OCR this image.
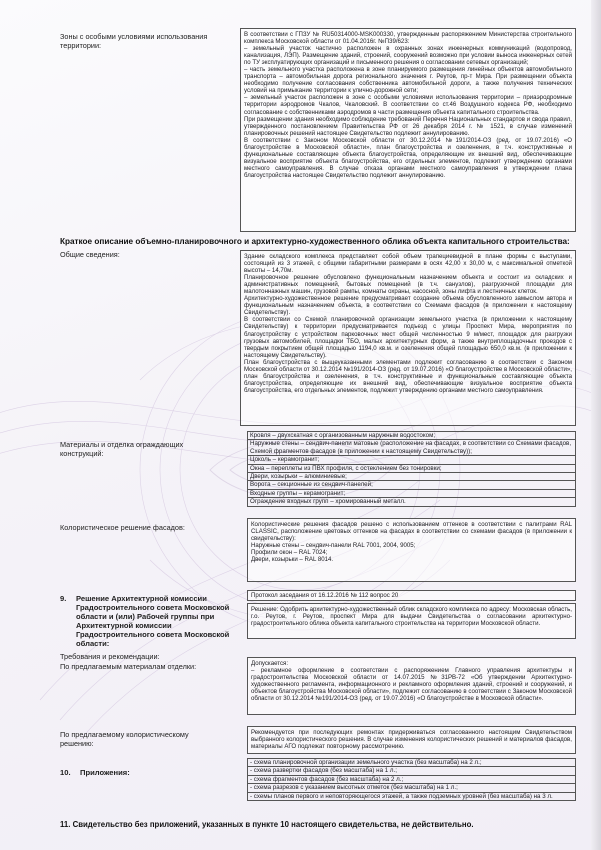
Зоны с особыми условиями использования территории:

В соответствии с ГПЗУ № RU50314000-MSK000330, утвержденным распоряжением Министерства строительного комплекса Московской области от 01.04.2016г. №П39/623:

– земельный участок частично расположен в охранных зонах инженерных коммуникаций (водопровод, канализация, ЛЭП). Размещение зданий, строений, сооружений возможно при условии выноса инженерных сетей по ТУ эксплуатирующих организаций и письменного решения о согласовании сетевых организаций;

– часть земельного участка расположена в зоне планируемого размещения линейных объектов автомобильного транспорта – автомобильная дорога регионального значения г. Реутов, пр-т Мира. При размещении объекта необходимо получение согласования собственника автомобильной дороги, а также получения технических условий на примыкание территории к улично-дорожной сети;

– земельный участок расположен в зоне с особыми условиями использования территории – приаэродромные территории аэродромов Чкалов, Чкаловский. В соответствии со ст.46 Воздушного кодекса РФ, необходимо согласование с собственниками аэродромов в части размещения объекта капитального строительства.

При размещении здания необходимо соблюдение требований Перечня Национальных стандартов и свода правил, утвержденного постановлением Правительства РФ от 26 декабря 2014 г. № 1521, в случае изменений планировочных решений настоящее Свидетельство подлежит аннулированию.

В соответствии с Законом Московской области от 30.12.2014 №191/2014-ОЗ (ред. от 19.07.2016) «О благоустройстве в Московской области», план благоустройства и озеленения, в т.ч. конструктивные и функциональные составляющие объекта благоустройства, определяющие их внешний вид, обеспечивающие визуальное восприятие объекта благоустройства, его отдельных элементов, подлежит утверждению органами местного самоуправления. В случае отказа органами местного самоуправления в утверждении плана благоустройства настоящее Свидетельство подлежит аннулированию.

Краткое описание объемно-планировочного и архитектурно-художественного облика объекта капитального строительства:
Общие сведения:	Здание складского комплекса представляет собой объем трапециевидной в плане формы с выступами, состоящий из 3 этажей, с общими габаритными размерами в осях 42,00 х 30,00 м, с максимальной отметкой высоты – 14,70м.

Планировочное решение обусловлено функциональным назначением объекта и состоит из складских и административных помещений, бытовых помещений (в т.ч. санузлов), разгрузочной площадки для малотоннажных машин, грузовой рампы, комнаты охраны, насосной, зоны лифта и лестничных клеток.

Архитектурно-художественное решение предусматривает создание объема обусловленного замыслом автора и функциональным назначением объекта, в соответствии со Схемами фасадов (в приложении к настоящему Свидетельству).

В соответствии со Схемой планировочной организации земельного участка (в приложении к настоящему Свидетельству) к территории предусматривается подъезд с улицы Проспект Мира, мероприятия по благоустройству с устройством парковочных мест общей численностью 9 м/мест, площадок для разгрузки грузовых автомобилей, площадки ТБО, малых архитектурных форм, а также внутриплощадочных проездов с твердым покрытием общей площадью 1194,0 кв.м. и озеленения общей площадью 650,0 кв.м. (в приложении к настоящему Свидетельству).

План благоустройства с выщеуказанными элементами подлежит согласованию в соответствии с Законом Московской области от 30.12.2014 №191/2014-ОЗ (ред. от 19.07.2016) «О благоустройстве в Московской области», план благоустройства и озеленения, в т.ч. конструктивные и функциональные составляющие объекта благоустройства, определяющие их внешний вид, обеспечивающие визуальное восприятие объекта благоустройства, его отдельных элементов, подлежит утверждению органами местного самоуправления.

Материалы и отделка ограждающих конструкций:
Кровля – двухскатная с организованным наружным водостоком;
Наружные стены – сендвич-панели матовые (расположение на фасадах, в соответствии со Схемами фасадов, Схемой фрагментов фасадов (в приложении к настоящему Свидетельству));
Цоколь – керамогранит;
Окна – переплеты из ПВХ профиля, с остеклением без тонировки;
Двери, козырьки – алюминиевые;
Ворота – секционные из сендвич-панелей;
Входные группы – керамогранит;
Ограждение входных групп – хромированный металл.
Колористическое решение фасадов:	Колористические решения фасадов решено с использованием оттенков в соответствии с палитрами RAL CLASSIC, расположение цветовых оттенков на фасадах в соответствии со схемами фасадов (в приложении к свидетельству):

Наружные стены – сендвич-панели RAL 7001, 2004, 9005;

Профили окон – RAL 7024;

Двери, козырьки – RAL 8014.

9. Решение Архитектурной комиссии Градостроительного совета Московской области и (или) Рабочей группы при Архитектурной комиссии Градостроительного совета Московской области:
Протокол заседания от 16.12.2016 № 112 вопрос 20
Решение: Одобрить архитектурно-художественный облик складского комплекса по адресу: Московская область, г.о. Реутов, г. Реутов, проспект Мира для выдачи Свидетельства о согласовании архитектурно-градостроительного облика объекта капитального строительства на территории Московской области.
Требования и рекомендации:
По предлагаемым материалам отделки:	Допускается:

– рекламное оформление в соответствии с распоряжением Главного управления архитектуры и градостроительства Московской области от 14.07.2015 №31РВ-72 «Об утверждении Архитектурно- художественного регламента, информационного и рекламного оформления зданий, строений и сооружений, и объектов благоустройства Московской области», подлежит согласованию в соответствии с Законом Московской области от 30.12.2014 №191/2014-ОЗ (ред. от 19.07.2016) «О благоустройстве в Московской области».

По предлагаемому колористическому решению:
Рекомендуется при последующих ремонтах придерживаться согласованного настоящим Свидетельством выбранного колористического решения. В случае изменения колористических решений и материалов фасадов, материалы АГО подлежат повторному рассмотрению.
10. Приложения:
- схема планировочной организации земельного участка (без масштаба) на 2 л.;
- схема развертки фасадов (без масштаба) на 1 л.;
- схема фрагментов фасадов (без масштаба) на 2 л.;
- схема разрезов с указанием высотных отметок (без масштаба) на 1 л.;
- схемы планов первого и неповторяющегося этажей, а также подземных уровней (без масштаба) на 3 л.
11. Свидетельство без приложений, указанных в пункте 10 настоящего свидетельства, не действительно.
